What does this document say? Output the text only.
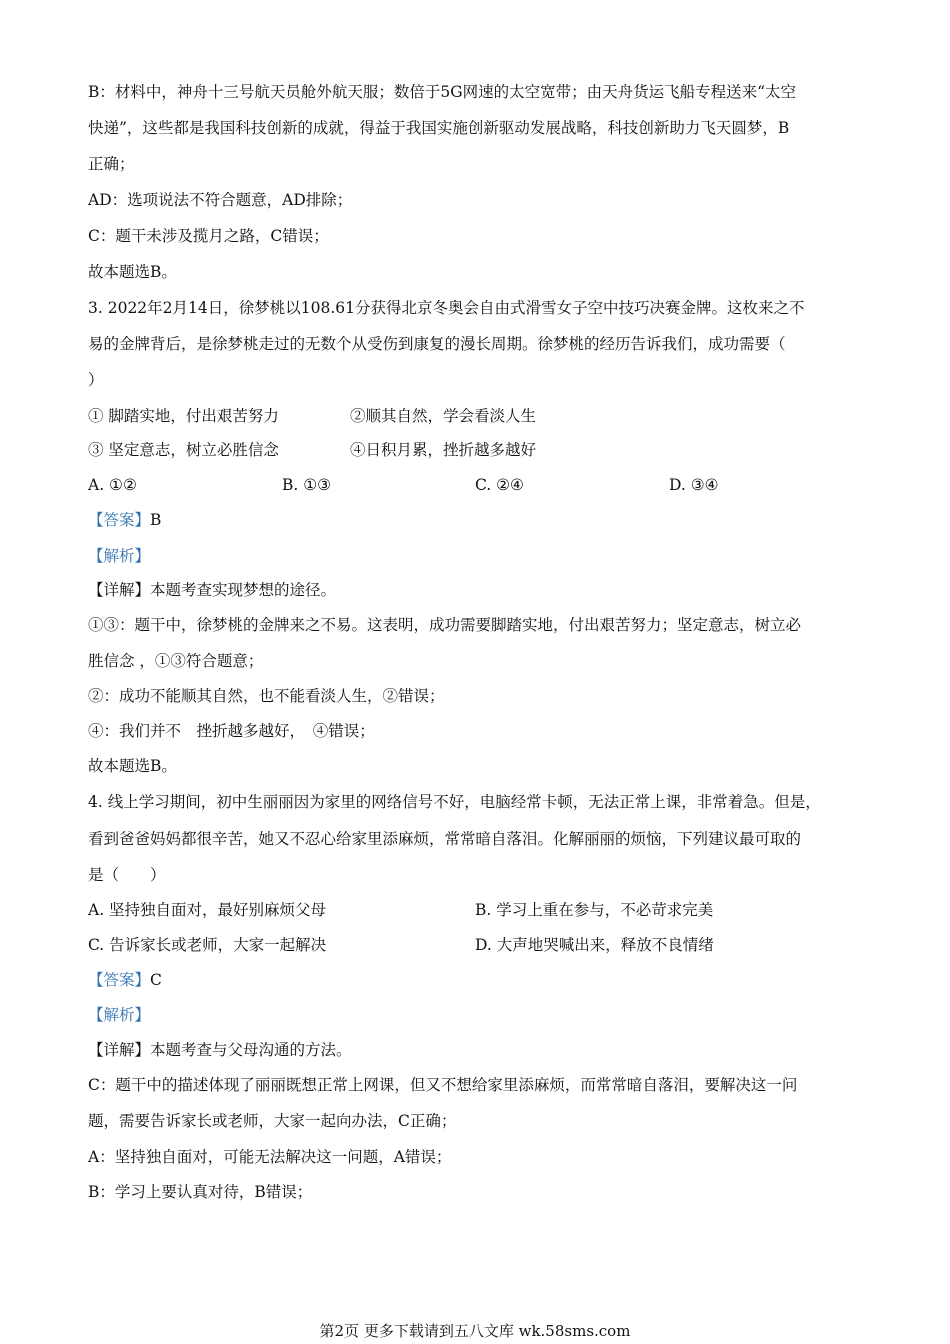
B：材料中，神舟十三号航天员舱外航天服；数倍于5G网速的太空宽带；由天舟货运飞船专程送来“太空
快递”，这些都是我国科技创新的成就，得益于我国实施创新驱动发展战略，科技创新助力飞天圆梦，B
正确；
AD：选项说法不符合题意，AD排除；
C：题干未涉及揽月之路，C错误；
故本题选B。
3. 2022年2月14日，徐梦桃以108.61分获得北京冬奥会自由式滑雪女子空中技巧决赛金牌。这枚来之不
易的金牌背后，是徐梦桃走过的无数个从受伤到康复的漫长周期。徐梦桃的经历告诉我们，成功需要（
）
① 脚踏实地，付出艰苦努力	②顺其自然，学会看淡人生
③ 坚定意志，树立必胜信念	④日积月累，挫折越多越好
A. ①②	B. ①③	C. ②④	D. ③④
【答案】B
【解析】
【详解】本题考查实现梦想的途径。
①③：题干中，徐梦桃的金牌来之不易。这表明，成功需要脚踏实地，付出艰苦努力；坚定意志，树立必
胜信念 ，①③符合题意；
②：成功不能顺其自然，也不能看淡人生，②错误；
④：我们并不　挫折越多越好，　④错误；
故本题选B。
4. 线上学习期间，初中生丽丽因为家里的网络信号不好，电脑经常卡顿，无法正常上课，非常着急。但是，
看到爸爸妈妈都很辛苦，她又不忍心给家里添麻烦，常常暗自落泪。化解丽丽的烦恼，下列建议最可取的
是（　　）
A. 坚持独自面对，最好别麻烦父母	B. 学习上重在参与，不必苛求完美
C. 告诉家长或老师，大家一起解决	D. 大声地哭喊出来，释放不良情绪
【答案】C
【解析】
【详解】本题考查与父母沟通的方法。
C：题干中的描述体现了丽丽既想正常上网课，但又不想给家里添麻烦，而常常暗自落泪，要解决这一问
题，需要告诉家长或老师，大家一起向办法，C正确；
A：坚持独自面对，可能无法解决这一问题，A错误；
B：学习上要认真对待，B错误；
第2页 更多下载请到五八文库 wk.58sms.com
